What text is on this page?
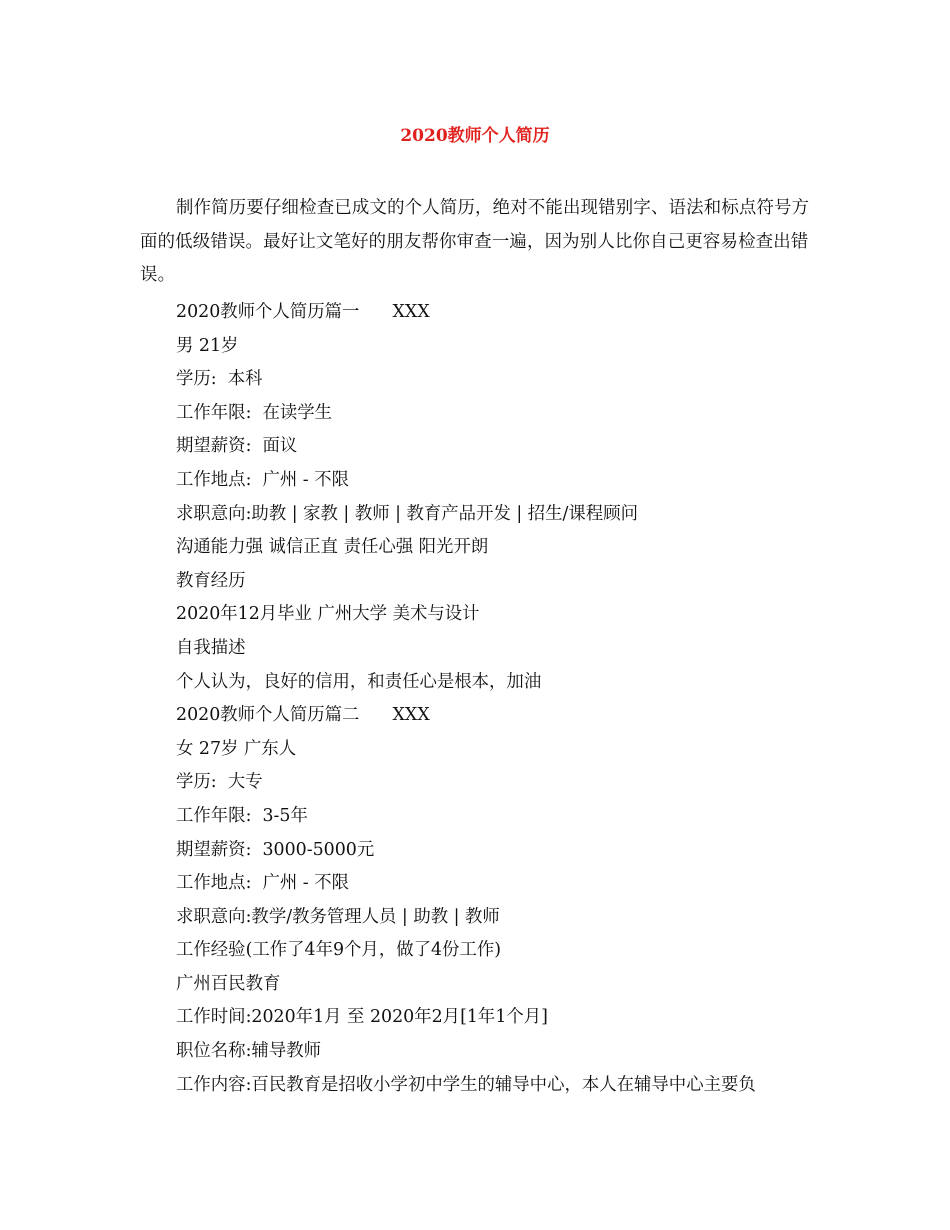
2020教师个人简历
制作简历要仔细检查已成文的个人简历，绝对不能出现错别字、语法和标点符号方面的低级错误。最好让文笔好的朋友帮你审查一遍，因为别人比你自己更容易检查出错误。
2020教师个人简历篇一      XXX
男 21岁
学历:  本科
工作年限:  在读学生
期望薪资:  面议
工作地点:  广州 - 不限
求职意向:助教 | 家教 | 教师 | 教育产品开发 | 招生/课程顾问
沟通能力强 诚信正直 责任心强 阳光开朗
教育经历
2020年12月毕业 广州大学 美术与设计
自我描述
个人认为，良好的信用，和责任心是根本，加油
2020教师个人简历篇二      XXX
女 27岁 广东人
学历:  大专
工作年限:  3-5年
期望薪资:  3000-5000元
工作地点:  广州 - 不限
求职意向:教学/教务管理人员 | 助教 | 教师
工作经验(工作了4年9个月，做了4份工作)
广州百民教育
工作时间:2020年1月 至 2020年2月[1年1个月]
职位名称:辅导教师
工作内容:百民教育是招收小学初中学生的辅导中心，本人在辅导中心主要负
